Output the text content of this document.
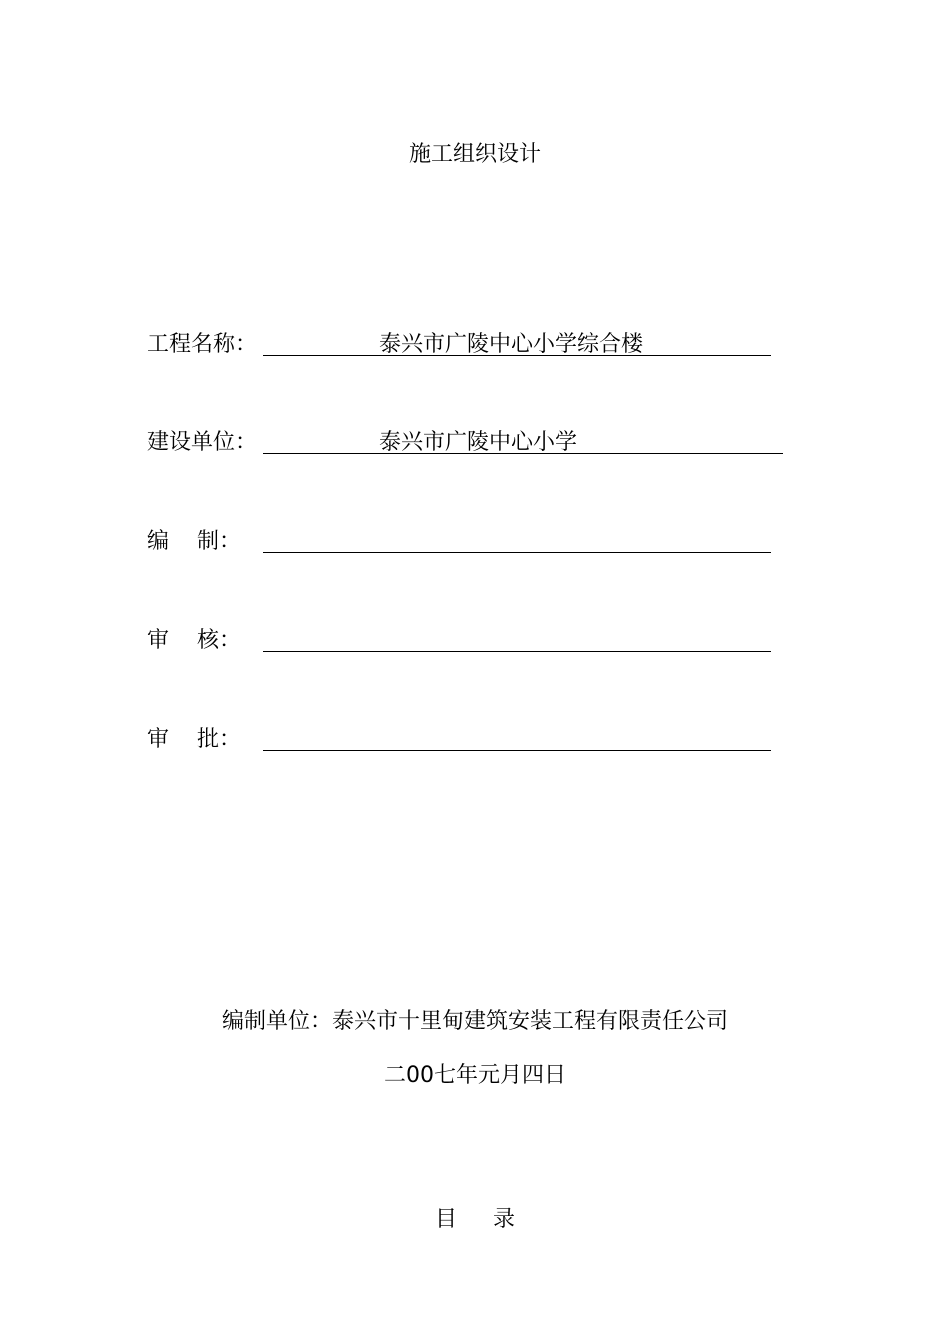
施工组织设计
工程名称：	泰兴市广陵中心小学综合楼
建设单位：	泰兴市广陵中心小学
编    制：
审    核：
审    批：
编制单位：泰兴市十里甸建筑安装工程有限责任公司
二00七年元月四日
目录
